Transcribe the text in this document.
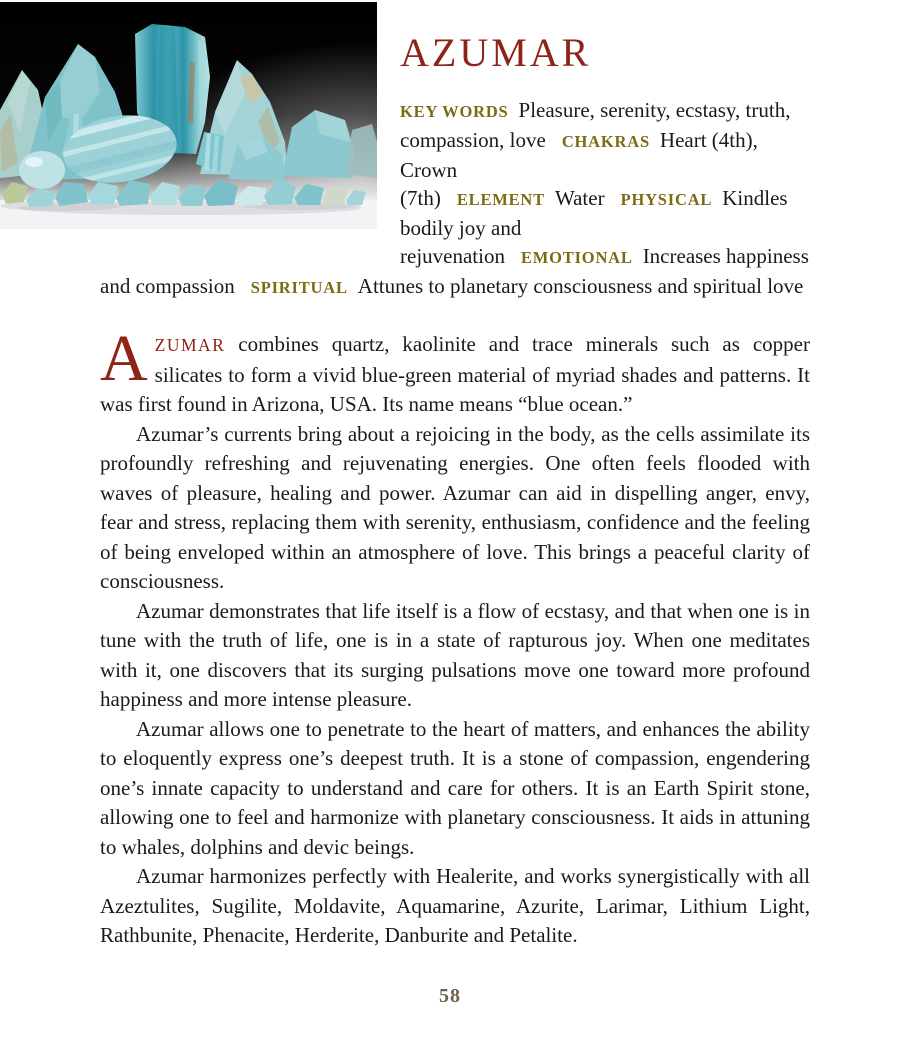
AZUMAR

KEY WORDS Pleasure, serenity, ecstasy, truth, compassion, love CHAKRAS Heart (4th), Crown (7th) ELEMENT Water PHYSICAL Kindles bodily joy and rejuvenation EMOTIONAL Increases happiness and compassion SPIRITUAL Attunes to planetary consciousness and spiritual love

AZUMAR combines quartz, kaolinite and trace minerals such as copper silicates to form a vivid blue-green material of myriad shades and patterns. It was first found in Arizona, USA. Its name means “blue ocean.”

Azumar’s currents bring about a rejoicing in the body, as the cells assimilate its profoundly refreshing and rejuvenating energies. One often feels flooded with waves of pleasure, healing and power. Azumar can aid in dispelling anger, envy, fear and stress, replacing them with serenity, enthusiasm, confidence and the feeling of being enveloped within an atmosphere of love. This brings a peaceful clarity of consciousness.

Azumar demonstrates that life itself is a flow of ecstasy, and that when one is in tune with the truth of life, one is in a state of rapturous joy. When one meditates with it, one discovers that its surging pulsations move one toward more profound happiness and more intense pleasure.

Azumar allows one to penetrate to the heart of matters, and enhances the ability to eloquently express one’s deepest truth. It is a stone of compassion, engendering one’s innate capacity to understand and care for others. It is an Earth Spirit stone, allowing one to feel and harmonize with planetary consciousness. It aids in attuning to whales, dolphins and devic beings.

Azumar harmonizes perfectly with Healerite, and works synergistically with all Azeztulites, Sugilite, Moldavite, Aquamarine, Azurite, Larimar, Lithium Light, Rathbunite, Phenacite, Herderite, Danburite and Petalite.

58
